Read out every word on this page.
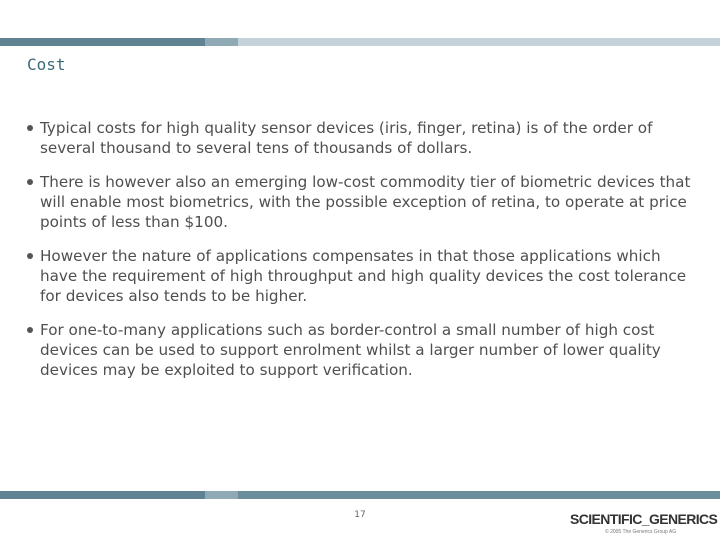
Cost
Typical costs for high quality sensor devices (iris, finger, retina) is of the order of several thousand to several tens of thousands of dollars.
There is however also an emerging low-cost commodity tier of biometric devices that will enable most biometrics, with the possible exception of retina, to operate at price points of less than $100.
However the nature of applications compensates in that those applications which have the requirement of high throughput and high quality devices the cost tolerance for devices also tends to be higher.
For one-to-many applications such as border-control a small number of high cost devices can be used to support enrolment whilst a larger number of lower quality devices may be exploited to support verification.
17	SCIENTIFIC_GENERICS
© 2005 The Generics Group AG
